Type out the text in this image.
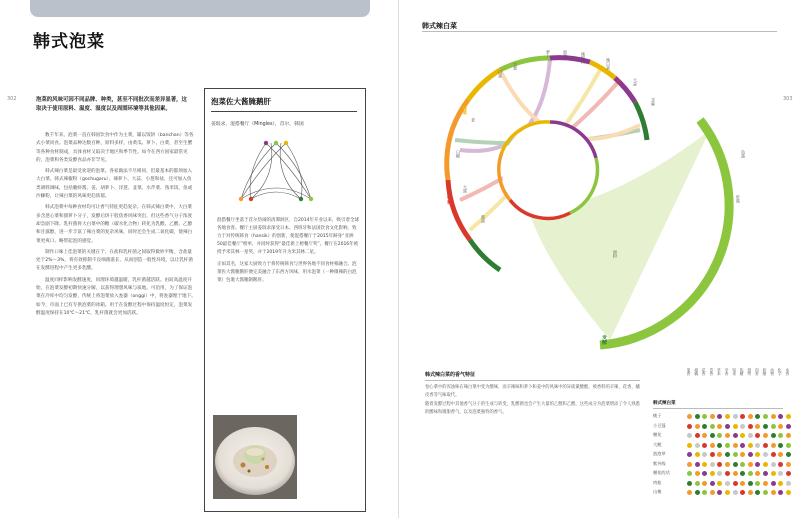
韩式泡菜
302	泡菜的风味可因不同品牌、种类，甚至不同批次而差异显著，这取决于使用原料、温度、湿度以及周围环境等其他因素。

数千年来，泡菜一直在韩国饮食中作为主菜，辅以饭饼（banchan）等各式小菜同食。泡菜品种达数百种，原料多样，由黄瓜、萝卜、白菜，甚至生蟹等各种食材制成，具体食材又取决于地区和季节性。如今在西方国家最常见的，泡菜和各类发酵食品亦非罕见。

韩式辣白菜是最受欢迎的泡菜。各家做法不尽相同，但最基本的都须加入大白菜、韩式辣椒粉（gochugaru）、辣萝卜、大蒜、小葱和盐，还可加入鱼类调料调味，包括腌虾酱、姜、胡萝卜、洋葱、韭菜、水芹菜、熟米饭、鱼或沙棘粉，让辣白菜的风味更趋浓郁。

韩式泡菜中每种食材均可让香气特征更趋复杂。在韩式辣白菜中，大白菜多含葱心菜和甜萝卜分子，发酵后饼干般焦香风味突出，但这些香气分子浓度却急剧下降。乳杆菌将大白菜中的糖（碳水化合物）转化为乳酸、乙酸、乙醇和甘露醇，进一步丰富了辣白菜的复杂风味，同时还会生成二氧化碳，使辣白菜更爽口、略带起泡的感觉。

制作口味上佳泡菜的关键在于，在盐和乳杆菌之间取得微妙平衡。含盐量处于2%～3%，将有效抑制不良细菌滋长，从而创造一般性环境，以让乳杆菌在发酵进程中产生更多乳酸。

温度同样影响发酵速度，同理环境越温暖，乳杆菌越活跃。由较高温度开始，在泡菜发酵初期快速分解，以获得理想风味与质地。可沿用，为了保证泡菜在冷库中均匀发酵，传统上将泡菜放入瓮器（onggi）中，将瓮器埋于地下。如今，市面上已有专供泡菜的冰箱。用于在发酵过程中保持温度恒定，泡菜发酵温度保持在10℃～21℃，乳杆菌就会更加活跃。

泡菜佐大酱腌鹅肝
姜珉求，混搭餐厅（Mingles），首尔，韩国

混搭餐厅坐落于首尔热闹的清潭洞区，自2014年开业以来，吸引着全球各地食客。餐厅主厨姜珉求深受日本、西班牙和法国饮食文化影响，致力于对传统韩食（hansik）的创新，使混搭餐厅于2015年跻身“亚洲50最佳餐厅”榜单，并同时获得“最佳新上榜餐厅奖”。餐厅在2016年被授予米其林一星奖。并于2019年升为米其林二星。

正如其名，这家大厨致力于将传统韩食与世界各地不同食材相融合。泡菜佐大酱腌鹅肝便完美融合了东西方风味，用水泡菜（一种微辣的白泡菜）包裹大酱腌制鹅肝。

303
韩式辣白菜
白菜
大葱
萝卜	泡菜	辣椒粉	辣白菜
大蒜
芝麻
姜
白醋
大酱
酱油
鱼露
虾酱
面粉
蔬菜
调味料
发酵
韩式辣白菜的香气特征

卷心菜中的浑浊味在辣白菜中变为酸味，而辛辣味和萝卜和姜中的风味中的异硫氰酸酯，被香料的辛辣、花香、橘皮香等气味取代。

随着发酵过程中其他香气分子的生成与转变，乳酸菌也会产生大量的乙醇和乙酸，这些成分为泡菜增添了令人熟悉的酸味和微甜香气，以及泡菜独特的香气。

韩式辣白菜
果香 柑橘 花香 青香 草本 辛香 坚果 焦糖 烘烤 肉香 奶酪 动物 化学 木香
桃子
小豆蔻
腰花
大鲵
泡泡草
紫外线
腰花的话
肉桂
山楂
